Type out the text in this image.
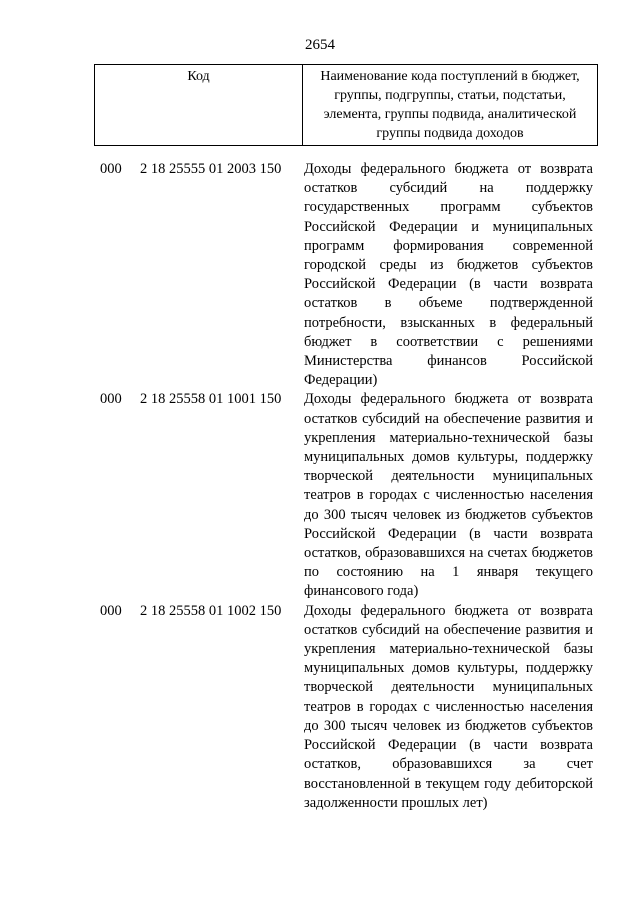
2654
Код	Наименование кода поступлений в бюджет, группы, подгруппы, статьи, подстатьи, элемента, группы подвида, аналитической группы подвида доходов
000	2 18 25555 01 2003 150	Доходы федерального бюджета от возврата остатков субсидий на поддержку государственных программ субъектов Российской Федерации и муниципальных программ формирования современной городской среды из бюджетов субъектов Российской Федерации (в части возврата остатков в объеме подтвержденной потребности, взысканных в федеральный бюджет в соответствии с решениями Министерства финансов Российской Федерации)
000	2 18 25558 01 1001 150	Доходы федерального бюджета от возврата остатков субсидий на обеспечение развития и укрепления материально-технической базы муниципальных домов культуры, поддержку творческой деятельности муниципальных театров в городах с численностью населения до 300 тысяч человек из бюджетов субъектов Российской Федерации (в части возврата остатков, образовавшихся на счетах бюджетов по состоянию на 1 января текущего финансового года)
000	2 18 25558 01 1002 150	Доходы федерального бюджета от возврата остатков субсидий на обеспечение развития и укрепления материально-технической базы муниципальных домов культуры, поддержку творческой деятельности муниципальных театров в городах с численностью населения до 300 тысяч человек из бюджетов субъектов Российской Федерации (в части возврата остатков, образовавшихся за счет восстановленной в текущем году дебиторской задолженности прошлых лет)
